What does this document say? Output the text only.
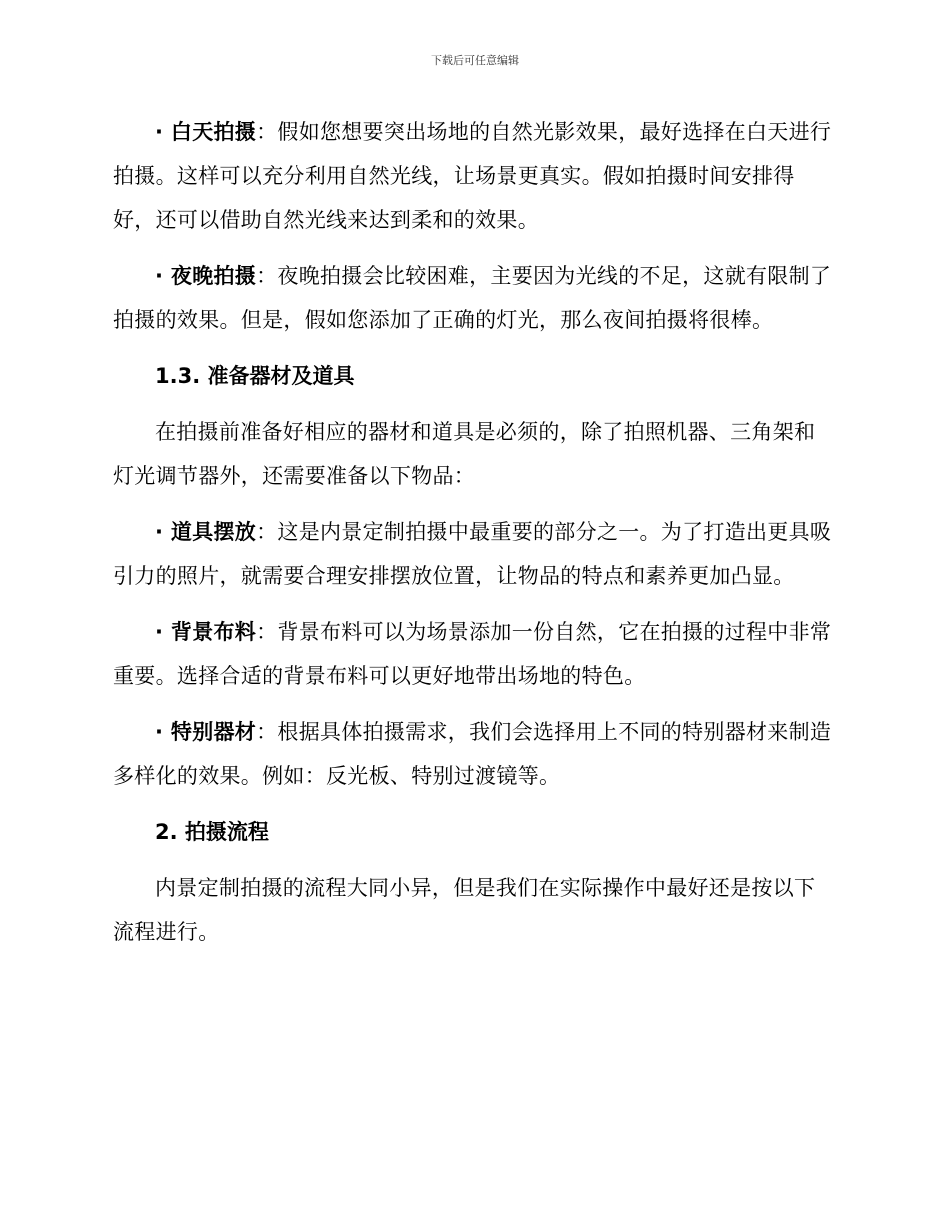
下载后可任意编辑

· 白天拍摄：假如您想要突出场地的自然光影效果，最好选择在白天进行拍摄。这样可以充分利用自然光线，让场景更真实。假如拍摄时间安排得好，还可以借助自然光线来达到柔和的效果。

· 夜晚拍摄：夜晚拍摄会比较困难，主要因为光线的不足，这就有限制了拍摄的效果。但是，假如您添加了正确的灯光，那么夜间拍摄将很棒。

1.3. 准备器材及道具

在拍摄前准备好相应的器材和道具是必须的，除了拍照机器、三角架和灯光调节器外，还需要准备以下物品：

· 道具摆放：这是内景定制拍摄中最重要的部分之一。为了打造出更具吸引力的照片，就需要合理安排摆放位置，让物品的特点和素养更加凸显。

· 背景布料：背景布料可以为场景添加一份自然，它在拍摄的过程中非常重要。选择合适的背景布料可以更好地带出场地的特色。

· 特别器材：根据具体拍摄需求，我们会选择用上不同的特别器材来制造多样化的效果。例如：反光板、特别过渡镜等。

2. 拍摄流程

内景定制拍摄的流程大同小异，但是我们在实际操作中最好还是按以下流程进行。
